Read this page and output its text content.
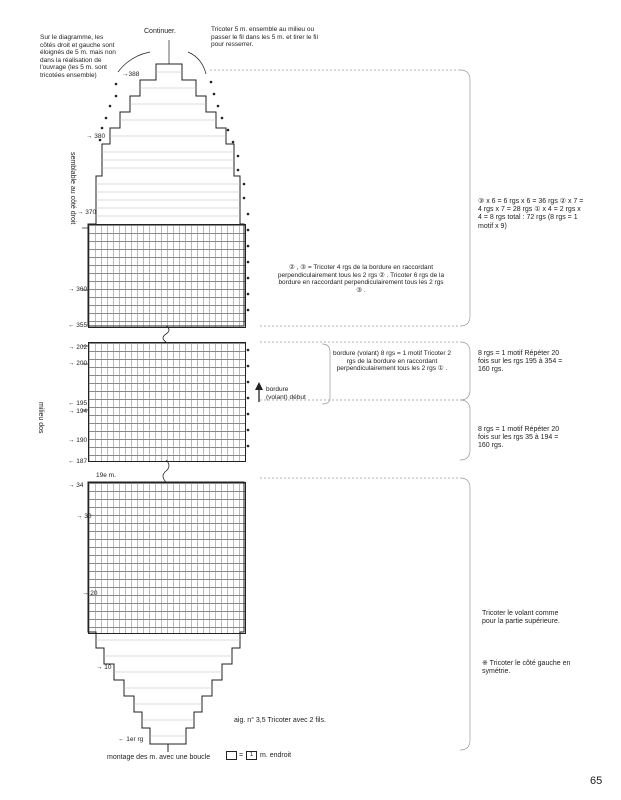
Sur le diagramme, les côtés droit et gauche sont éloignés de 5 m. mais non dans la réalisation de l'ouvrage (les 5 m. sont tricotées ensemble)
Continuer.	Tricoter 5 m. ensemble au milieu ou passer le fil dans les 5 m. et tirer le fil pour resserrer.
semblable au côté droit
milieu dos
→388
→ 380
→ 370
→ 360
← 355
→ 202
→ 200
← 195
→ 194
→ 190
← 187
→ 34
→ 30
→ 20
→ 10
← 1er rg
19e m.
② , ③ = Tricoter 4 rgs de la bordure en raccordant perpendiculairement tous les 2 rgs ② . Tricoter 6 rgs de la bordure en raccordant perpendiculairement tous les 2 rgs ③ .
bordure (volant) 8 rgs = 1 motif Tricoter 2 rgs de la bordure en raccordant perpendiculairement tous les 2 rgs ① .
bordure (volant) début
③ x 6 = 6 rgs x 6 = 36 rgs ② x 7 = 4 rgs x 7 = 28 rgs ① x 4 = 2 rgs x 4 = 8 rgs total : 72 rgs (8 rgs = 1 motif x 9)
8 rgs = 1 motif Répéter 20 fois sur les rgs 195 à 354 = 160 rgs.
8 rgs = 1 motif Répéter 20 fois sur les rgs 35 à 194 = 160 rgs.
Tricoter le volant comme pour la partie supérieure.
※ Tricoter le côté gauche en symétrie.
aig. n° 3,5 Tricoter avec 2 fils.
montage des m. avec une boucle	=	1 m. endroit
65
